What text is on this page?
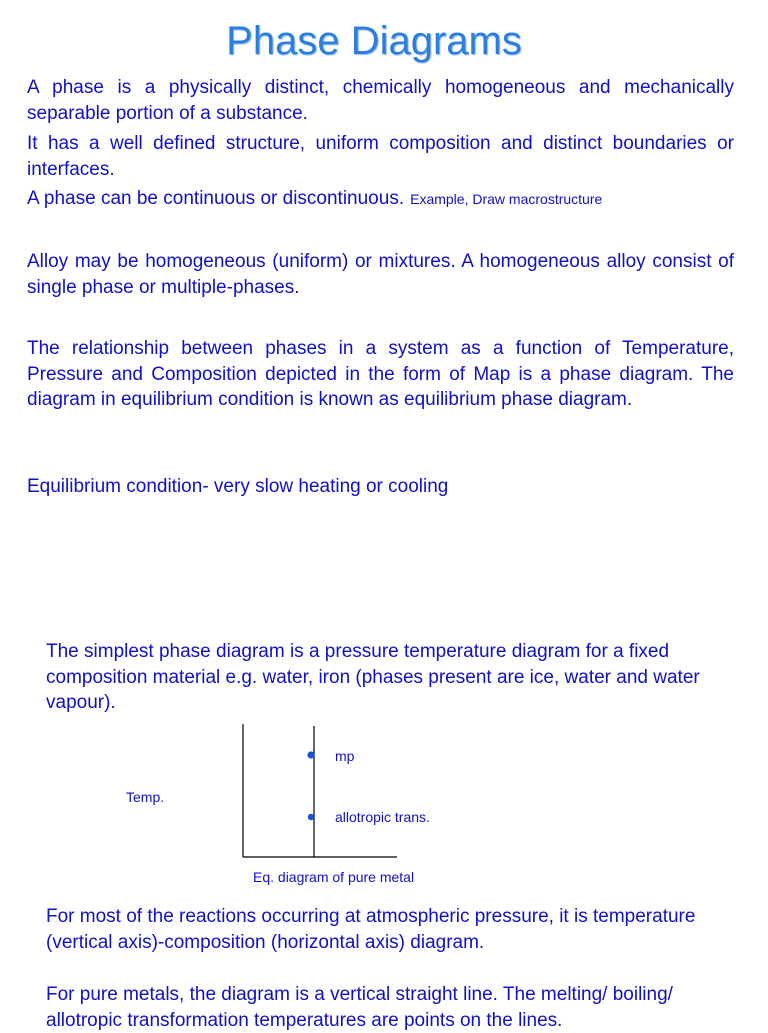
Phase Diagrams

A phase is a physically distinct, chemically homogeneous and mechanically separable portion of a substance.

It has a well defined structure, uniform composition and distinct boundaries or interfaces.

A phase can be continuous or discontinuous. Example, Draw macrostructure

Alloy may be homogeneous (uniform) or mixtures. A homogeneous alloy consist of single phase or multiple-phases.

The relationship between phases in a system as a function of Temperature, Pressure and Composition depicted in the form of Map is a phase diagram. The diagram in equilibrium condition is known as equilibrium phase diagram.

Equilibrium condition- very slow heating or cooling

The simplest phase diagram is a pressure temperature diagram for a fixed composition material e.g. water, iron (phases present are ice, water and water vapour).

Temp.

mp

allotropic trans.

Eq. diagram of pure metal

For most of the reactions occurring at atmospheric pressure, it is temperature (vertical axis)-composition (horizontal axis) diagram.

For pure metals, the diagram is a vertical straight line. The melting/ boiling/ allotropic transformation temperatures are points on the lines.
